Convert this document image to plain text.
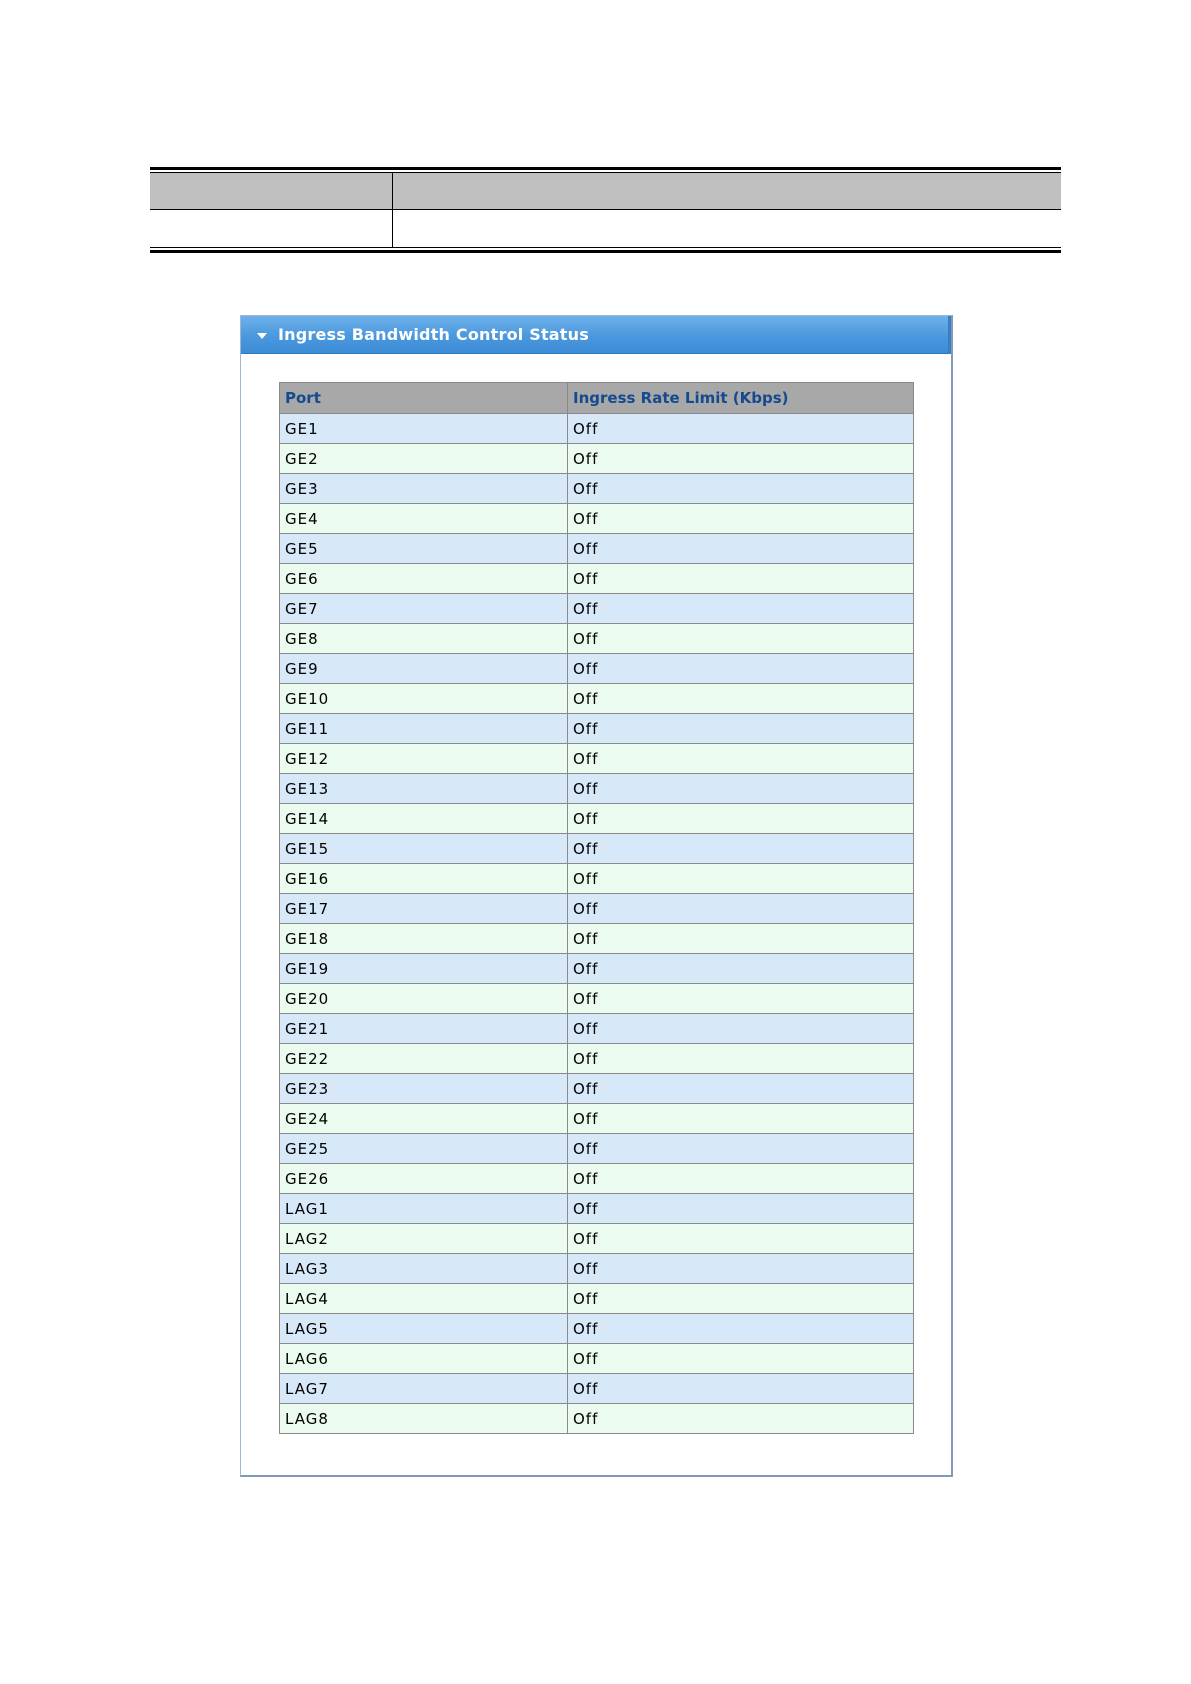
Ingress Bandwidth Control Status
Port	Ingress Rate Limit (Kbps)
GE1	Off
GE2	Off
GE3	Off
GE4	Off
GE5	Off
GE6	Off
GE7	Off
GE8	Off
GE9	Off
GE10	Off
GE11	Off
GE12	Off
GE13	Off
GE14	Off
GE15	Off
GE16	Off
GE17	Off
GE18	Off
GE19	Off
GE20	Off
GE21	Off
GE22	Off
GE23	Off
GE24	Off
GE25	Off
GE26	Off
LAG1	Off
LAG2	Off
LAG3	Off
LAG4	Off
LAG5	Off
LAG6	Off
LAG7	Off
LAG8	Off
